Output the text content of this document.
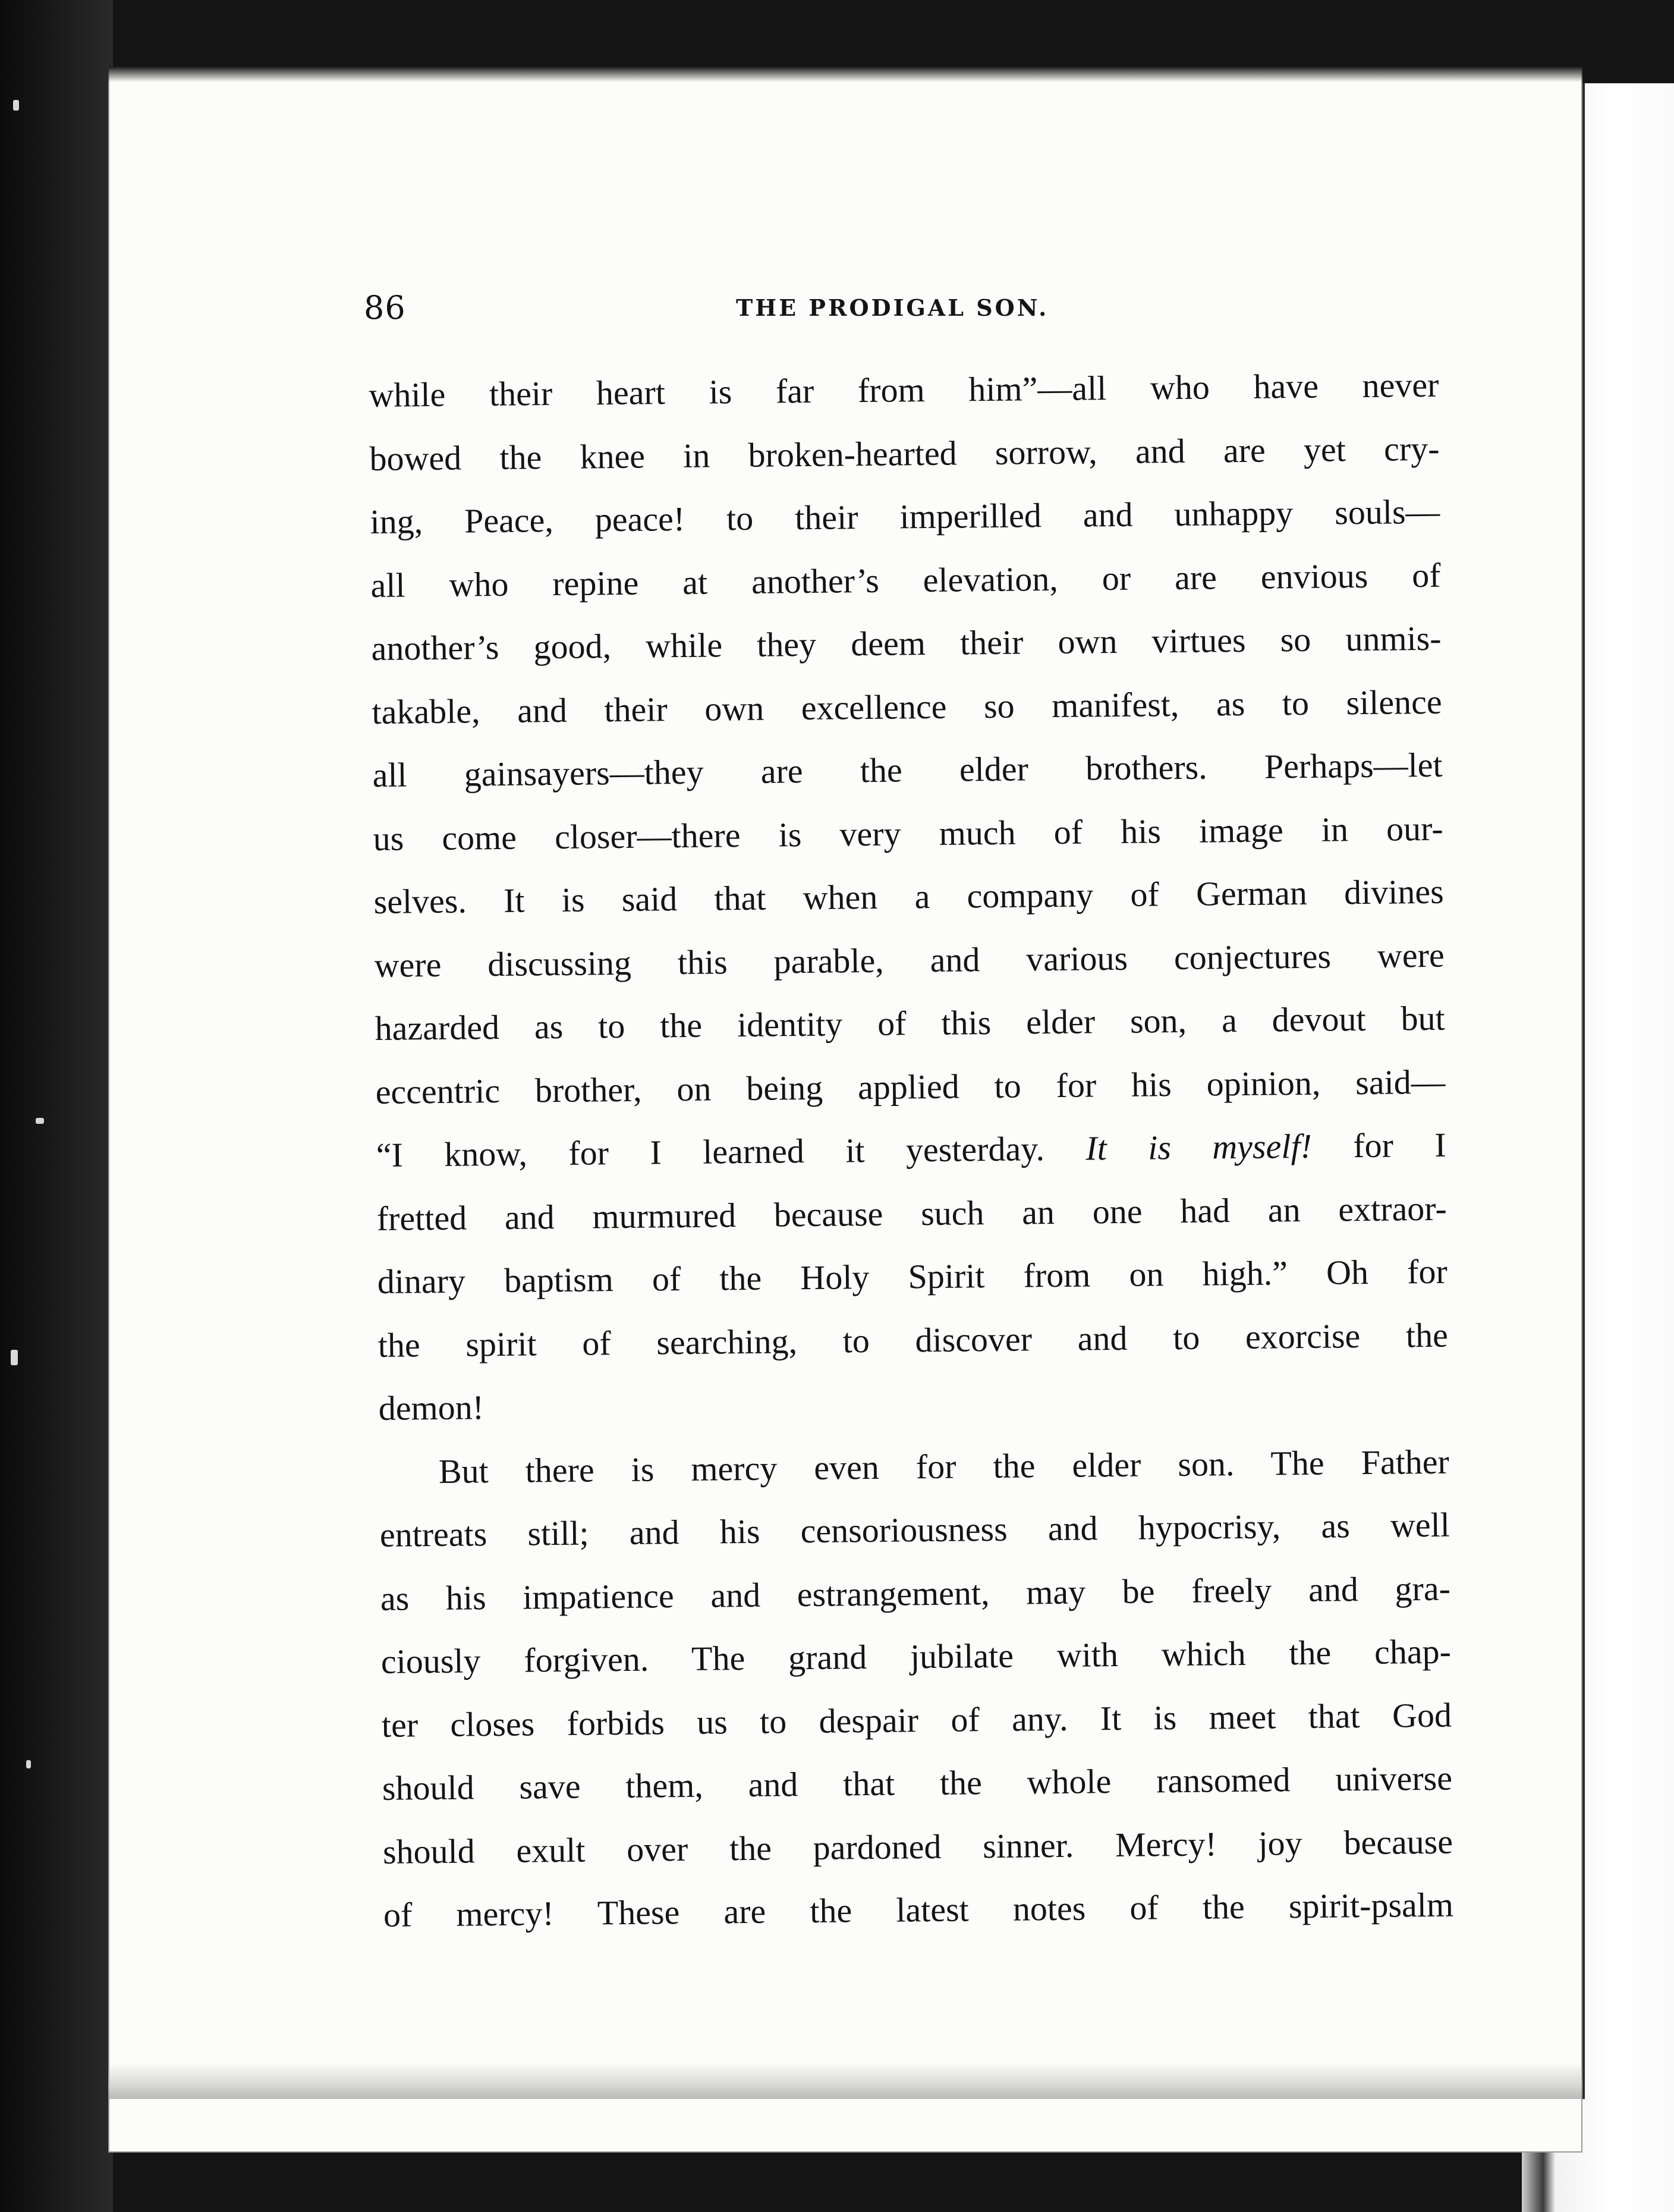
86	THE PRODIGAL SON.
while their heart is far from him”—all who have never
bowed the knee in broken-hearted sorrow, and are yet cry-
ing, Peace, peace! to their imperilled and unhappy souls—
all who repine at another’s elevation, or are envious of
another’s good, while they deem their own virtues so unmis-
takable, and their own excellence so manifest, as to silence
all gainsayers—they are the elder brothers. Perhaps—let
us come closer—there is very much of his image in our-
selves. It is said that when a company of German divines
were discussing this parable, and various conjectures were
hazarded as to the identity of this elder son, a devout but
eccentric brother, on being applied to for his opinion, said—
“I know, for I learned it yesterday. It is myself! for I
fretted and murmured because such an one had an extraor-
dinary baptism of the Holy Spirit from on high.” Oh for
the spirit of searching, to discover and to exorcise the
demon!
But there is mercy even for the elder son. The Father
entreats still; and his censoriousness and hypocrisy, as well
as his impatience and estrangement, may be freely and gra-
ciously forgiven. The grand jubilate with which the chap-
ter closes forbids us to despair of any. It is meet that God
should save them, and that the whole ransomed universe
should exult over the pardoned sinner. Mercy! joy because
of mercy! These are the latest notes of the spirit-psalm
